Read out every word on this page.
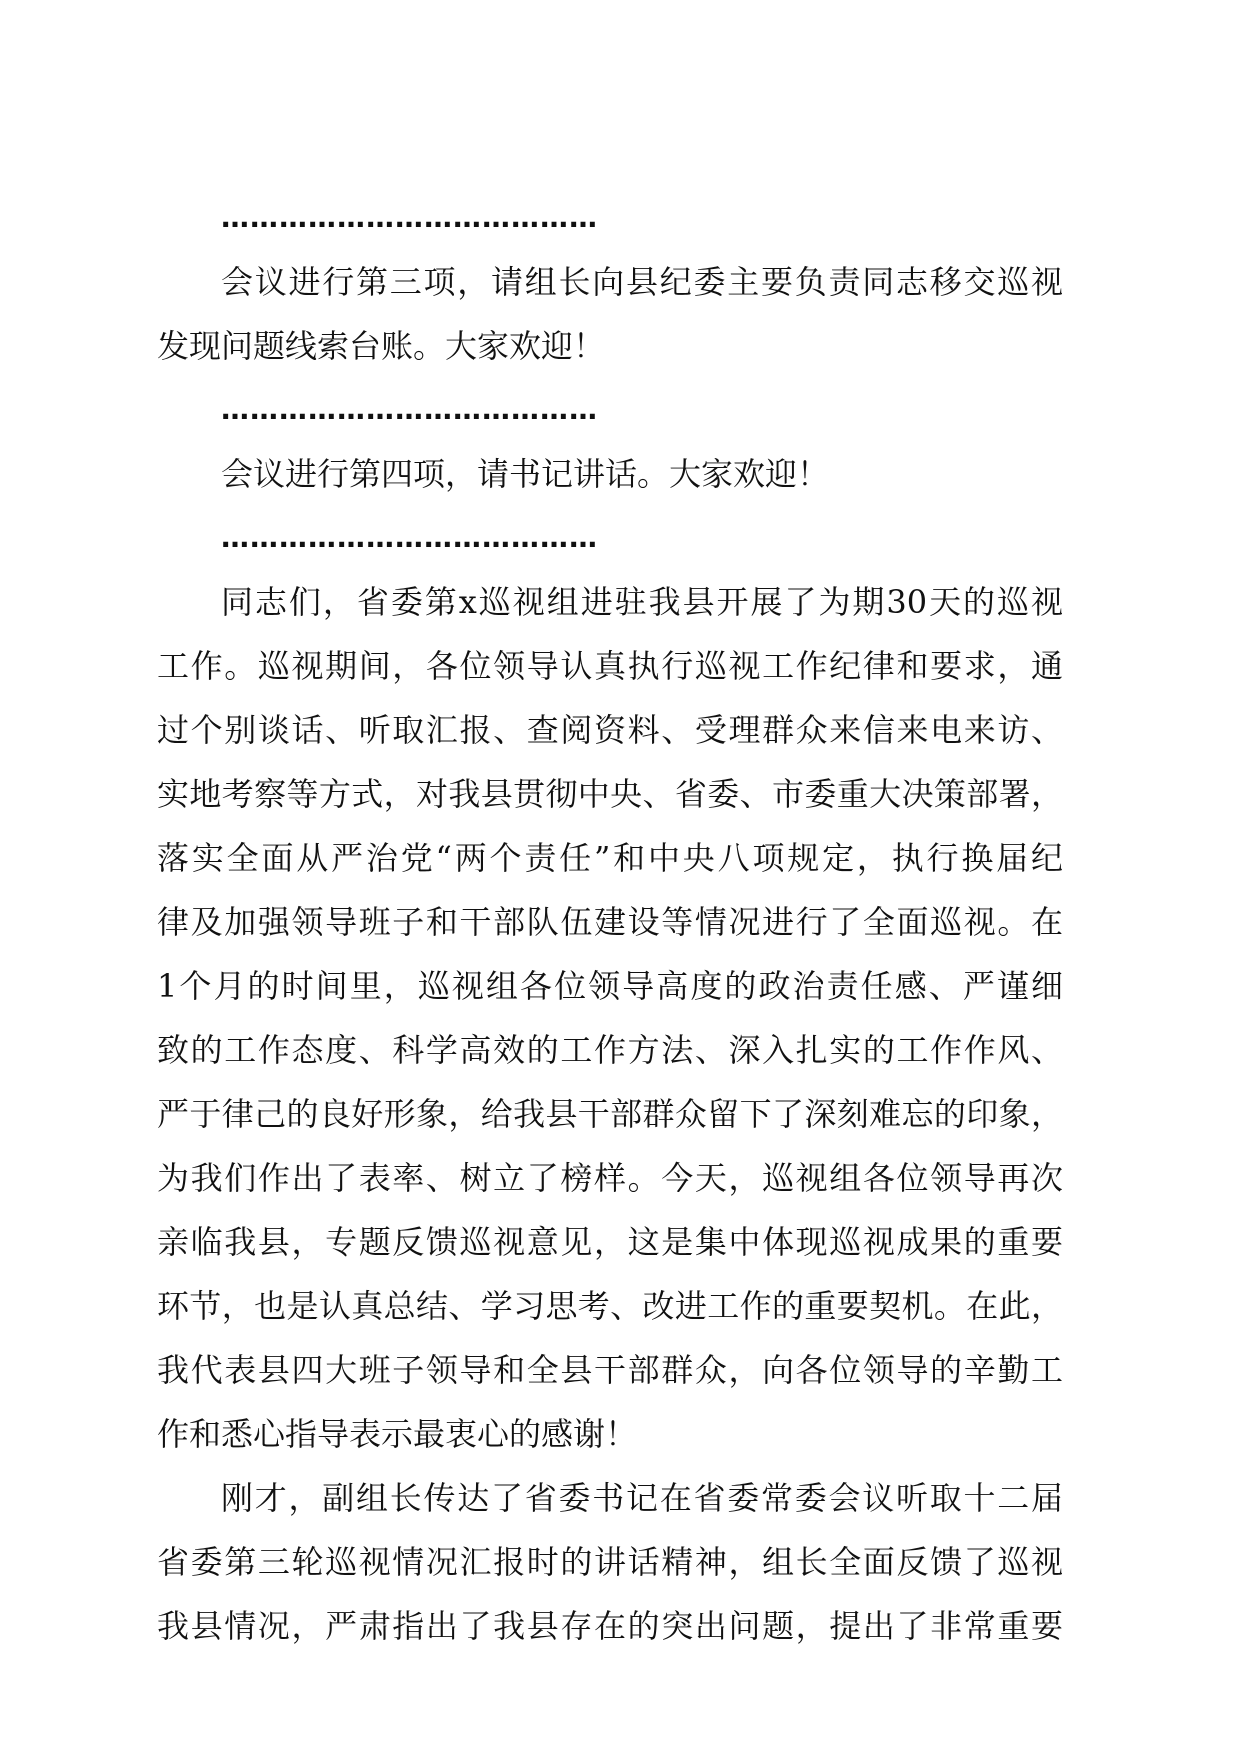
…………………………………
会议进行第三项，请组长向县纪委主要负责同志移交巡视
发现问题线索台账。大家欢迎！
…………………………………
会议进行第四项，请书记讲话。大家欢迎！
…………………………………
同志们，省委第x巡视组进驻我县开展了为期30天的巡视
工作。巡视期间，各位领导认真执行巡视工作纪律和要求，通
过个别谈话、听取汇报、查阅资料、受理群众来信来电来访、
实地考察等方式，对我县贯彻中央、省委、市委重大决策部署，
落实全面从严治党“两个责任”和中央八项规定，执行换届纪
律及加强领导班子和干部队伍建设等情况进行了全面巡视。在
1个月的时间里，巡视组各位领导高度的政治责任感、严谨细
致的工作态度、科学高效的工作方法、深入扎实的工作作风、
严于律己的良好形象，给我县干部群众留下了深刻难忘的印象，
为我们作出了表率、树立了榜样。今天，巡视组各位领导再次
亲临我县，专题反馈巡视意见，这是集中体现巡视成果的重要
环节，也是认真总结、学习思考、改进工作的重要契机。在此，
我代表县四大班子领导和全县干部群众，向各位领导的辛勤工
作和悉心指导表示最衷心的感谢！
刚才，副组长传达了省委书记在省委常委会议听取十二届
省委第三轮巡视情况汇报时的讲话精神，组长全面反馈了巡视
我县情况，严肃指出了我县存在的突出问题，提出了非常重要
